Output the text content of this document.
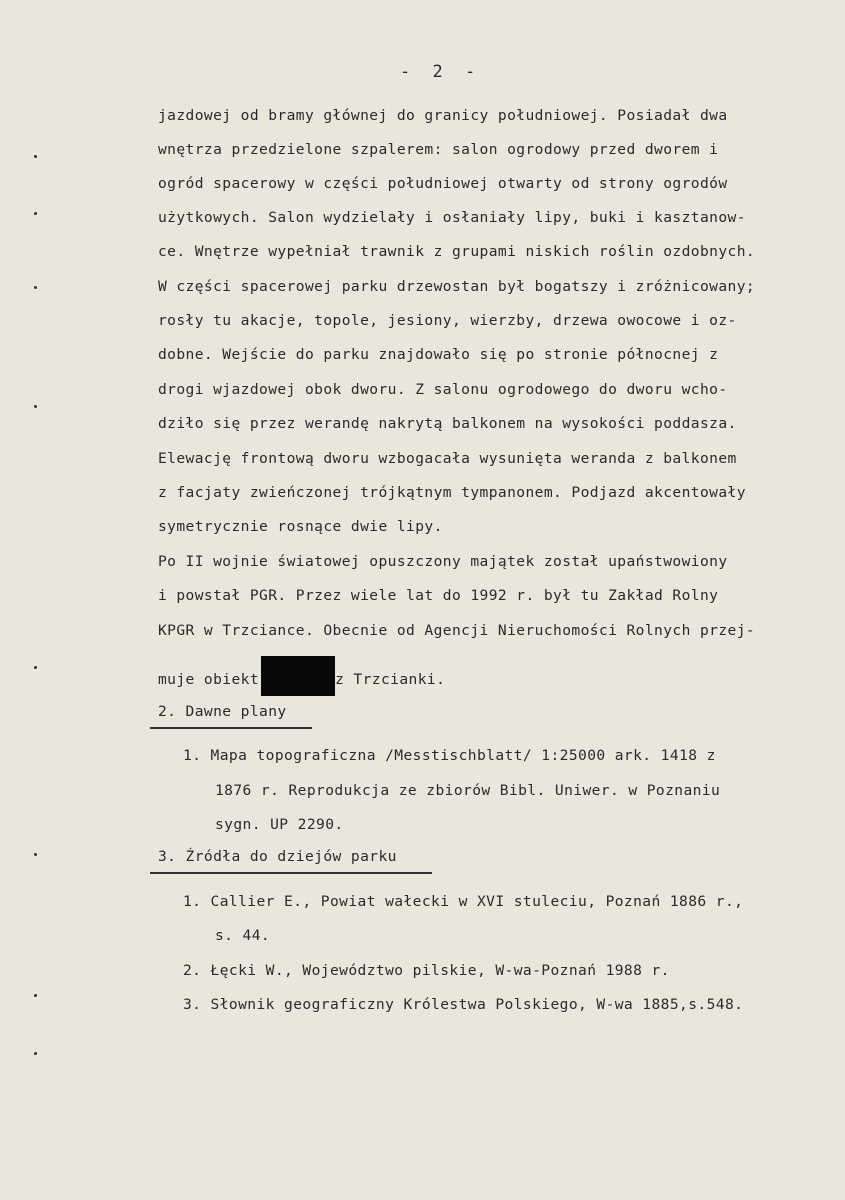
- 2 -
jazdowej od bramy głównej do granicy południowej. Posiadał dwa
wnętrza przedzielone szpalerem: salon ogrodowy przed dworem i
ogród spacerowy w części południowej otwarty od strony ogrodów
użytkowych. Salon wydzielały i osłaniały lipy, buki i kasztanow-
ce. Wnętrze wypełniał trawnik z grupami niskich roślin ozdobnych.
W części spacerowej parku drzewostan był bogatszy i zróżnicowany;
rosły tu akacje, topole, jesiony, wierzby, drzewa owocowe i oz-
dobne. Wejście do parku znajdowało się po stronie północnej z
drogi wjazdowej obok dworu. Z salonu ogrodowego do dworu wcho-
dziło się przez werandę nakrytą balkonem na wysokości poddasza.
Elewację frontową dworu wzbogacała wysunięta weranda z balkonem
z facjaty zwieńczonej trójkątnym tympanonem. Podjazd akcentowały
symetrycznie rosnące dwie lipy.
Po II wojnie światowej opuszczony majątek został upaństwowiony
i powstał PGR. Przez wiele lat do 1992 r. był tu Zakład Rolny
KPGR w Trzciance. Obecnie od Agencji Nieruchomości Rolnych przej-
muje obiekt	z Trzcianki.
2. Dawne plany
1. Mapa topograficzna /Messtischblatt/ 1:25000 ark. 1418 z
1876 r. Reprodukcja ze zbiorów Bibl. Uniwer. w Poznaniu
sygn. UP 2290.
3. Źródła do dziejów parku
1. Callier E., Powiat wałecki w XVI stuleciu, Poznań 1886 r.,
s. 44.
2. Łęcki W., Województwo pilskie, W-wa-Poznań 1988 r.
3. Słownik geograficzny Królestwa Polskiego, W-wa 1885,s.548.
